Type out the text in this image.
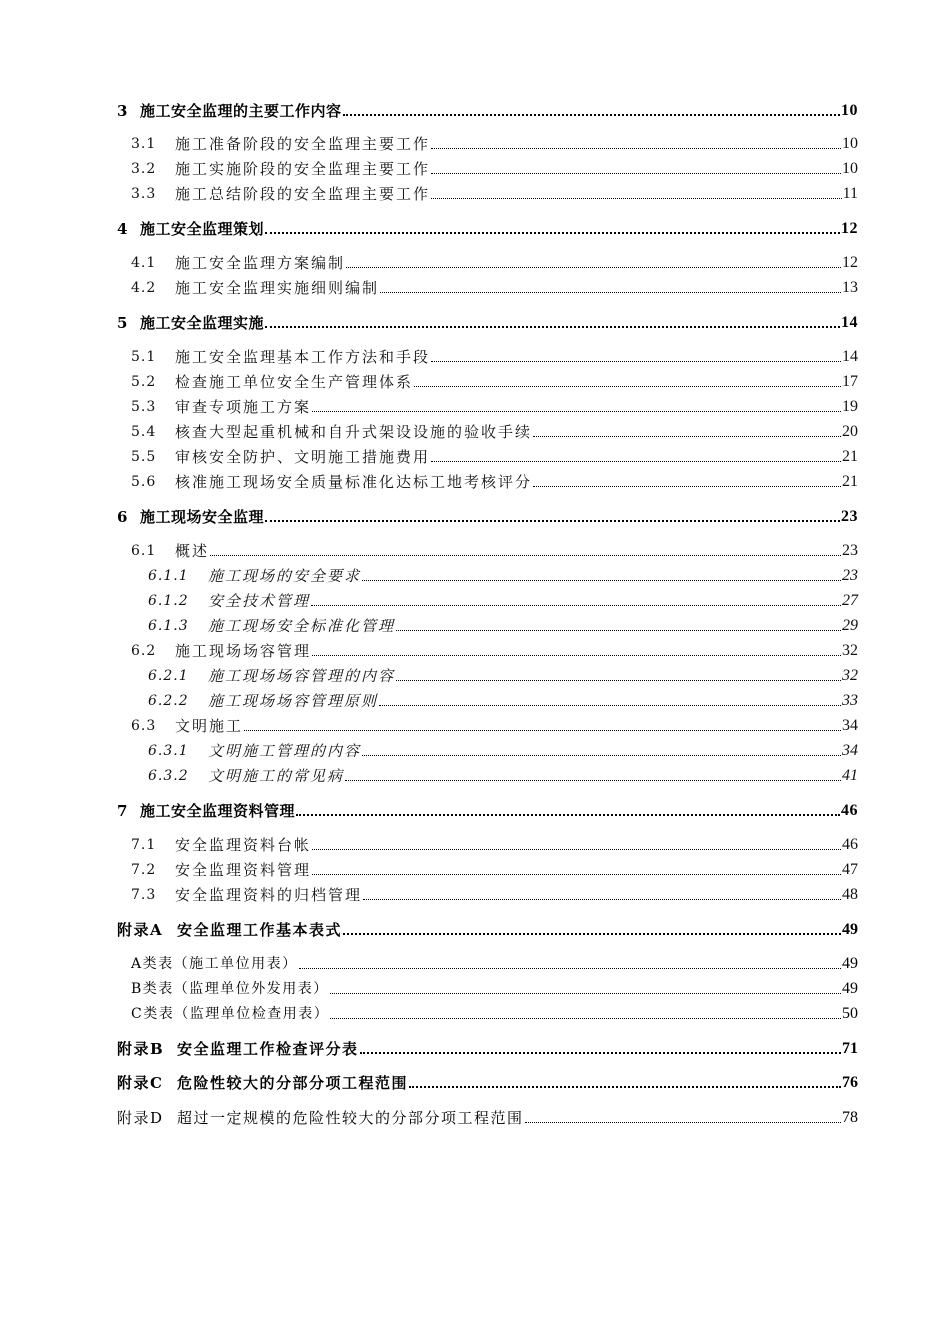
3 施工安全监理的主要工作内容	10
3.1	施工准备阶段的安全监理主要工作	10
3.2	施工实施阶段的安全监理主要工作	10
3.3	施工总结阶段的安全监理主要工作	11
4 施工安全监理策划	12
4.1	施工安全监理方案编制	12
4.2	施工安全监理实施细则编制	13
5 施工安全监理实施	14
5.1	施工安全监理基本工作方法和手段	14
5.2	检查施工单位安全生产管理体系	17
5.3	审查专项施工方案	19
5.4	核查大型起重机械和自升式架设设施的验收手续	20
5.5	审核安全防护、文明施工措施费用	21
5.6	核准施工现场安全质量标准化达标工地考核评分	21
6 施工现场安全监理	23
6.1	概述	23
6.1.1	施工现场的安全要求	23
6.1.2	安全技术管理	27
6.1.3	施工现场安全标准化管理	29
6.2	施工现场场容管理	32
6.2.1	施工现场场容管理的内容	32
6.2.2	施工现场场容管理原则	33
6.3	文明施工	34
6.3.1	文明施工管理的内容	34
6.3.2	文明施工的常见病	41
7 施工安全监理资料管理	46
7.1	安全监理资料台帐	46
7.2	安全监理资料管理	47
7.3	安全监理资料的归档管理	48
附录A 安全监理工作基本表式	49
A类表（施工单位用表）	49
B类表（监理单位外发用表）	49
C类表（监理单位检查用表）	50
附录B 安全监理工作检查评分表	71
附录C 危险性较大的分部分项工程范围	76
附录D 超过一定规模的危险性较大的分部分项工程范围	78
